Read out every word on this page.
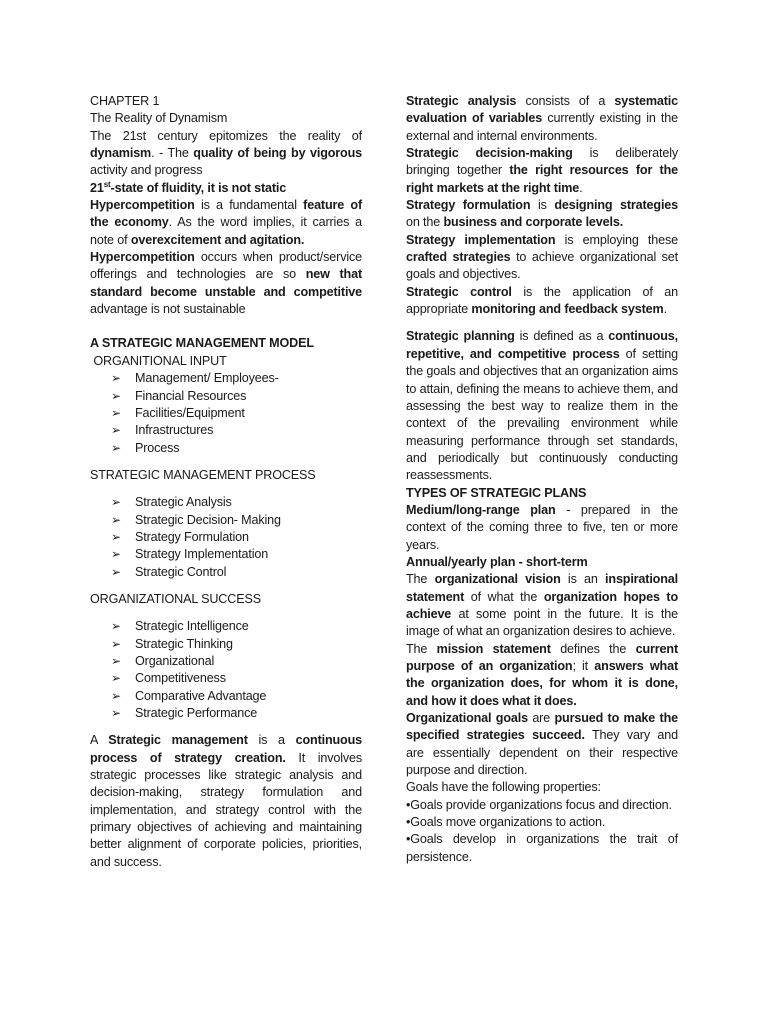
CHAPTER 1

The Reality of Dynamism

The 21st century epitomizes the reality of dynamism. - The quality of being by vigorous activity and progress

21st-state of fluidity, it is not static

Hypercompetition is a fundamental feature of the economy. As the word implies, it carries a note of overexcitement and agitation.

Hypercompetition occurs when product/service offerings and technologies are so new that standard become unstable and competitive advantage is not sustainable

A STRATEGIC MANAGEMENT MODEL

ORGANITIONAL INPUT

➢ Management/ Employees-
➢ Financial Resources
➢ Facilities/Equipment
➢ Infrastructures
➢ Process

STRATEGIC MANAGEMENT PROCESS

➢ Strategic Analysis
➢ Strategic Decision- Making
➢ Strategy Formulation
➢ Strategy Implementation
➢ Strategic Control

ORGANIZATIONAL SUCCESS

➢ Strategic Intelligence
➢ Strategic Thinking
➢ Organizational
➢ Competitiveness
➢ Comparative Advantage
➢ Strategic Performance

A Strategic management is a continuous process of strategy creation. It involves strategic processes like strategic analysis and decision-making, strategy formulation and implementation, and strategy control with the primary objectives of achieving and maintaining better alignment of corporate policies, priorities, and success.

Strategic analysis consists of a systematic evaluation of variables currently existing in the external and internal environments.

Strategic decision-making is deliberately bringing together the right resources for the right markets at the right time.

Strategy formulation is designing strategies on the business and corporate levels.

Strategy implementation is employing these crafted strategies to achieve organizational set goals and objectives.

Strategic control is the application of an appropriate monitoring and feedback system.

Strategic planning is defined as a continuous, repetitive, and competitive process of setting the goals and objectives that an organization aims to attain, defining the means to achieve them, and assessing the best way to realize them in the context of the prevailing environment while measuring performance through set standards, and periodically but continuously conducting reassessments.

TYPES OF STRATEGIC PLANS

Medium/long-range plan - prepared in the context of the coming three to five, ten or more years.

Annual/yearly plan - short-term

The organizational vision is an inspirational statement of what the organization hopes to achieve at some point in the future. It is the image of what an organization desires to achieve.

The mission statement defines the current purpose of an organization; it answers what the organization does, for whom it is done, and how it does what it does.

Organizational goals are pursued to make the specified strategies succeed. They vary and are essentially dependent on their respective purpose and direction.

Goals have the following properties:

•Goals provide organizations focus and direction.

•Goals move organizations to action.

•Goals develop in organizations the trait of persistence.
